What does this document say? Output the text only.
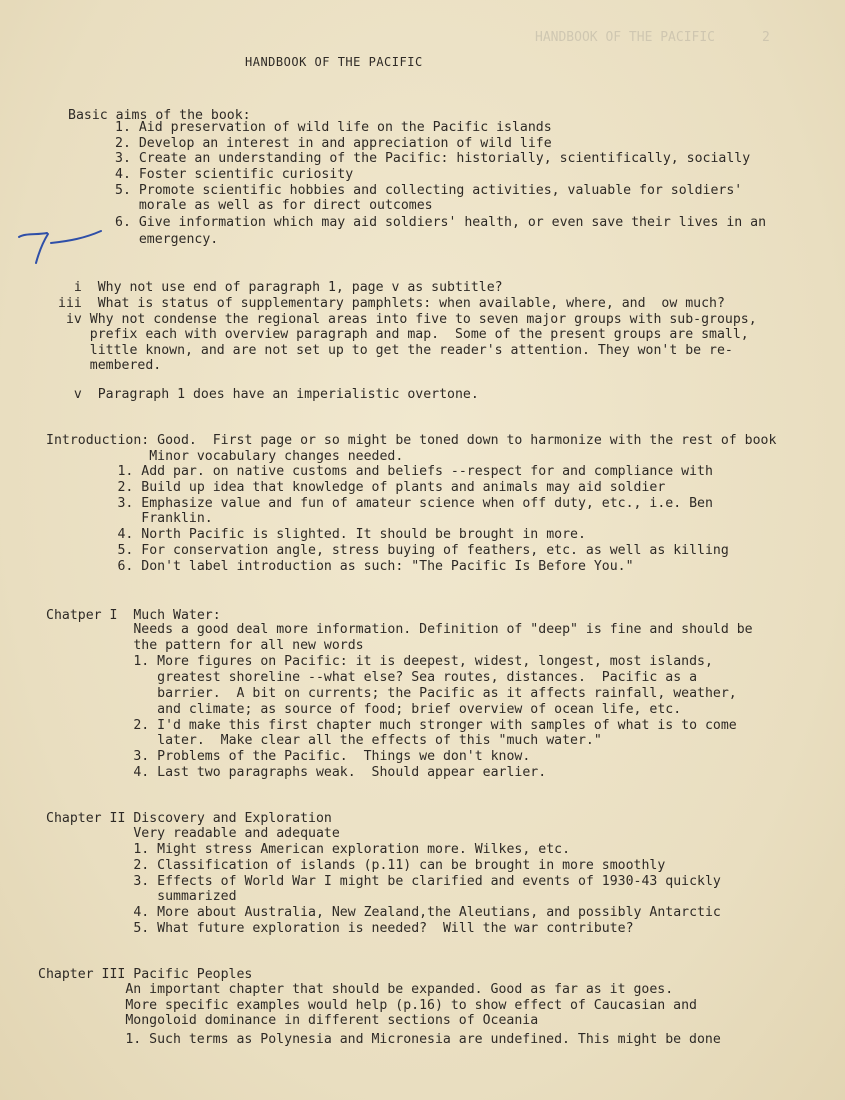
HANDBOOK OF THE PACIFIC      2
HANDBOOK OF THE PACIFIC
Basic aims of the book:
1. Aid preservation of wild life on the Pacific islands
2. Develop an interest in and appreciation of wild life
3. Create an understanding of the Pacific: historially, scientifically, socially
4. Foster scientific curiosity
5. Promote scientific hobbies and collecting activities, valuable for soldiers'
morale as well as for direct outcomes
6. Give information which may aid soldiers' health, or even save their lives in an
emergency.
i  Why not use end of paragraph 1, page v as subtitle?
iii  What is status of supplementary pamphlets: when available, where, and  ow much?
iv Why not condense the regional areas into five to seven major groups with sub-groups,
prefix each with overview paragraph and map.  Some of the present groups are small,
little known, and are not set up to get the reader's attention. They won't be re-
membered.
v  Paragraph 1 does have an imperialistic overtone.
Introduction: Good.  First page or so might be toned down to harmonize with the rest of book
Minor vocabulary changes needed.
1. Add par. on native customs and beliefs --respect for and compliance with
2. Build up idea that knowledge of plants and animals may aid soldier
3. Emphasize value and fun of amateur science when off duty, etc., i.e. Ben
Franklin.
4. North Pacific is slighted. It should be brought in more.
5. For conservation angle, stress buying of feathers, etc. as well as killing
6. Don't label introduction as such: "The Pacific Is Before You."
Chatper I  Much Water:
Needs a good deal more information. Definition of "deep" is fine and should be
the pattern for all new words
1. More figures on Pacific: it is deepest, widest, longest, most islands,
greatest shoreline --what else? Sea routes, distances.  Pacific as a
barrier.  A bit on currents; the Pacific as it affects rainfall, weather,
and climate; as source of food; brief overview of ocean life, etc.
2. I'd make this first chapter much stronger with samples of what is to come
later.  Make clear all the effects of this "much water."
3. Problems of the Pacific.  Things we don't know.
4. Last two paragraphs weak.  Should appear earlier.
Chapter II Discovery and Exploration
Very readable and adequate
1. Might stress American exploration more. Wilkes, etc.
2. Classification of islands (p.11) can be brought in more smoothly
3. Effects of World War I might be clarified and events of 1930-43 quickly
summarized
4. More about Australia, New Zealand,the Aleutians, and possibly Antarctic
5. What future exploration is needed?  Will the war contribute?
Chapter III Pacific Peoples
An important chapter that should be expanded. Good as far as it goes.
More specific examples would help (p.16) to show effect of Caucasian and
Mongoloid dominance in different sections of Oceania
1. Such terms as Polynesia and Micronesia are undefined. This might be done
